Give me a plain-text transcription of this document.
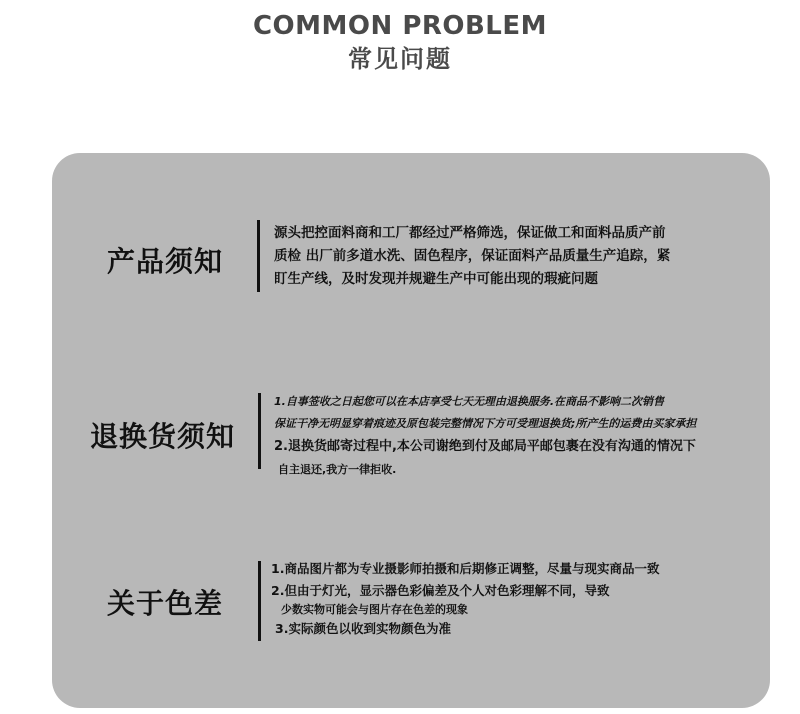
COMMON PROBLEM
常见问题
产品须知
源头把控面料商和工厂都经过严格筛选，保证做工和面料品质产前
质检 出厂前多道水洗、固色程序，保证面料产品质量生产追踪，紧
盯生产线，及时发现并规避生产中可能出现的瑕疵问题
退换货须知
1.自事签收之日起您可以在本店享受七天无理由退换服务.在商品不影响二次销售
保证干净无明显穿着痕迹及原包装完整情况下方可受理退换货;所产生的运费由买家承担
2.退换货邮寄过程中,本公司谢绝到付及邮局平邮包裹在没有沟通的情况下
自主退还,我方一律拒收.
关于色差
1.商品图片都为专业摄影师拍摄和后期修正调整，尽量与现实商品一致
2.但由于灯光，显示器色彩偏差及个人对色彩理解不同，导致
少数实物可能会与图片存在色差的现象
3.实际颜色以收到实物颜色为准
